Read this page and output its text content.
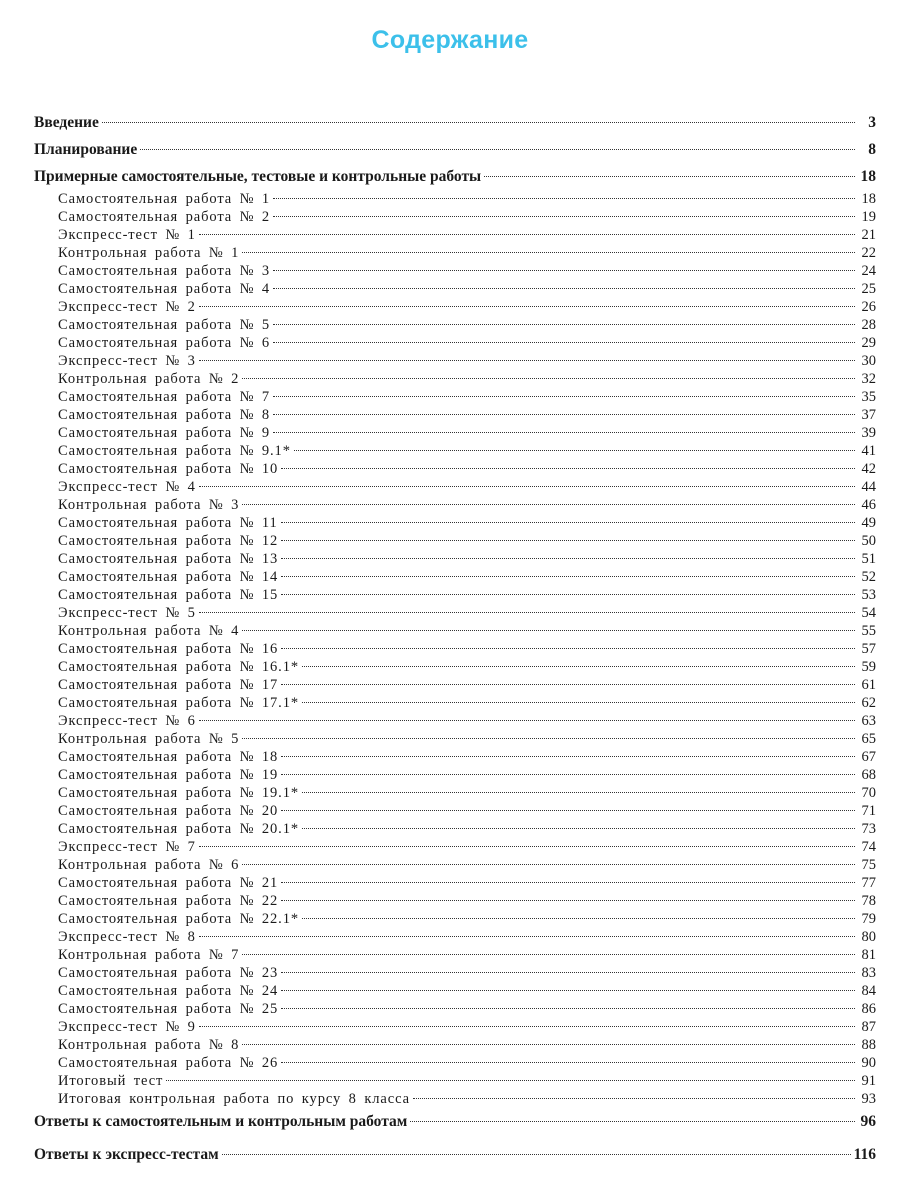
Содержание
Введение	3
Планирование	8
Примерные самостоятельные, тестовые и контрольные работы	18
Самостоятельная работа № 1	18
Самостоятельная работа № 2	19
Экспресс-тест № 1	21
Контрольная работа № 1	22
Самостоятельная работа № 3	24
Самостоятельная работа № 4	25
Экспресс-тест № 2	26
Самостоятельная работа № 5	28
Самостоятельная работа № 6	29
Экспресс-тест № 3	30
Контрольная работа № 2	32
Самостоятельная работа № 7	35
Самостоятельная работа № 8	37
Самостоятельная работа № 9	39
Самостоятельная работа № 9.1*	41
Самостоятельная работа № 10	42
Экспресс-тест № 4	44
Контрольная работа № 3	46
Самостоятельная работа № 11	49
Самостоятельная работа № 12	50
Самостоятельная работа № 13	51
Самостоятельная работа № 14	52
Самостоятельная работа № 15	53
Экспресс-тест № 5	54
Контрольная работа № 4	55
Самостоятельная работа № 16	57
Самостоятельная работа № 16.1*	59
Самостоятельная работа № 17	61
Самостоятельная работа № 17.1*	62
Экспресс-тест № 6	63
Контрольная работа № 5	65
Самостоятельная работа № 18	67
Самостоятельная работа № 19	68
Самостоятельная работа № 19.1*	70
Самостоятельная работа № 20	71
Самостоятельная работа № 20.1*	73
Экспресс-тест № 7	74
Контрольная работа № 6	75
Самостоятельная работа № 21	77
Самостоятельная работа № 22	78
Самостоятельная работа № 22.1*	79
Экспресс-тест № 8	80
Контрольная работа № 7	81
Самостоятельная работа № 23	83
Самостоятельная работа № 24	84
Самостоятельная работа № 25	86
Экспресс-тест № 9	87
Контрольная работа № 8	88
Самостоятельная работа № 26	90
Итоговый тест	91
Итоговая контрольная работа по курсу 8 класса	93
Ответы к самостоятельным и контрольным работам	96
Ответы к экспресс-тестам	116
